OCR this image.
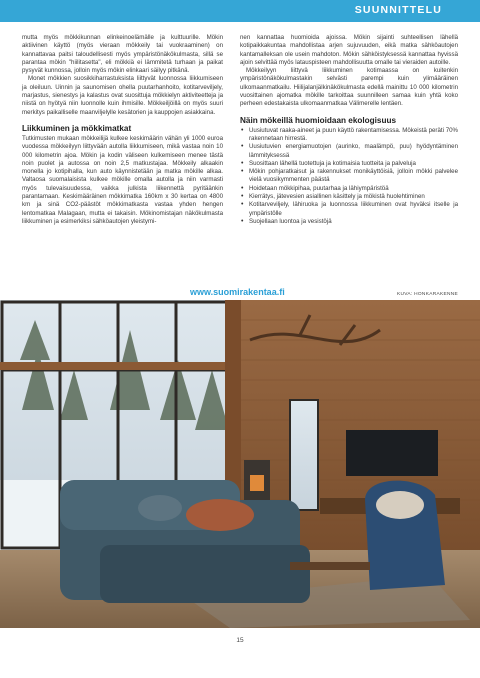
SUUNNITTELU

mutta myös mökkikunnan elinkeinoelämälle ja kulttuurille. Mökin aktiivinen käyttö (myös vieraan mökkeily tai vuokraaminen) on kannattavaa paitsi taloudellisesti myös ympäristönäkökulmasta, sillä se parantaa mökin "hiilitasetta", eli mökkiä ei lämmitetä turhaan ja paikat pysyvät kunnossa, jolloin myös mökin elinkaari säilyy pitkänä.

Monet mökkien suosikkiharrastuksista liittyvät luonnossa liikkumiseen ja oleiluun. Uinnin ja saunomisen ohella puutarhanhoito, kotitarveviljely, marjastus, sienestys ja kalastus ovat suosittuja mökkielyn aktiviteetteja ja niistä on hyötyä niin luonnolle kuin ihmisille. Mökkeiljöillä on myös suuri merkitys paikalliselle maanviljelylle kesätorien ja kauppojen asiakkaina.

Liikkuminen ja mökkimatkat

Tutkimusten mukaan mökkeilijä kulkee keskimäärin vähän yli 1000 euroa vuodessa mökkeilyyn liittyvään autolla liikkumiseen, mikä vastaa noin 10 000 kilometrin ajoa. Mökin ja kodin väliseen kulkemiseen menee tästä noin puolet ja autossa on noin 2,5 matkustajaa. Mökkeily alkaakin monella jo kotipihalla, kun auto käynnistetään ja matka mökille alkaa. Valtaosa suomalaisista kulkee mökille omalla autolla ja niin varmasti myös tulevaisuudessa, vaikka julkista liikennettä pyritäänkin parantamaan. Keskimääräinen mökkimatka 160km x 30 kertaa on 4800 km ja sinä CO2-päästöt mökkimatkasta vastaa yhden hengen lentomatkaa Malagaan, mutta ei takaisin. Mökinomistajan näkökulmasta liikkuminen ja esimerkiksi sähköautojen yleistymi-

nen kannattaa huomioida ajoissa. Mökin sijainti suhteellisen lähellä kotipaikkakuntaa mahdollistaa arjen sujuvuuden, eikä matka sähköautojen kantamalleksan ole usein mahdoton. Mökin sähköistyksessä kannattaa hyvissä ajoin selvittää myös latauspisteen mahdollisuutta omalle tai vieraiden autoille.

Mökkeilyyn liittyvä liikkuminen kotimaassa on kuitenkin ympäristönäkökulmastakin selvästi parempi kuin ylimääräinen ulkomaanmatkailu. Hiilijalanjälkinäkökulmasta edellä mainittu 10 000 kilometrin vuosittainen ajomatka mökille tarkoittaa suunnilleen samaa kuin yhtä koko perheen edestakaista ulkomaanmatkaa Välimerelle lentäen.

Näin mökeillä huomioidaan ekologisuus
• Uusiutuvat raaka-aineet ja puun käyttö rakentamisessa. Mökeistä peräti 70% rakennetaan hirrestä.
• Uusiutuvien energiamuotojen (aurinko, maalämpö, puu) hyödyntäminen lämmityksessä
• Suosittaan lähellä tuotettuja ja kotimaisia tuotteita ja palveluja
• Mökin pohjaratkaisut ja rakennukset monikäyttöisiä, jolloin mökki palvelee vielä vuosikymmenten päästä
• Hoidetaan mökkipihaa, puutarhaa ja lähiympäristöä
• Kierrätys, jätevesien asiallinen käsittely ja mökistä huolehtiminen
• Kotitarveviljely, lähiruoka ja luonnossa liikkuminen ovat hyväksi itselle ja ympäristölle
• Suojellaan luontoa ja vesistöjä
www.suomirakentaa.fi	KUVA: HONKARAKENNE
15
